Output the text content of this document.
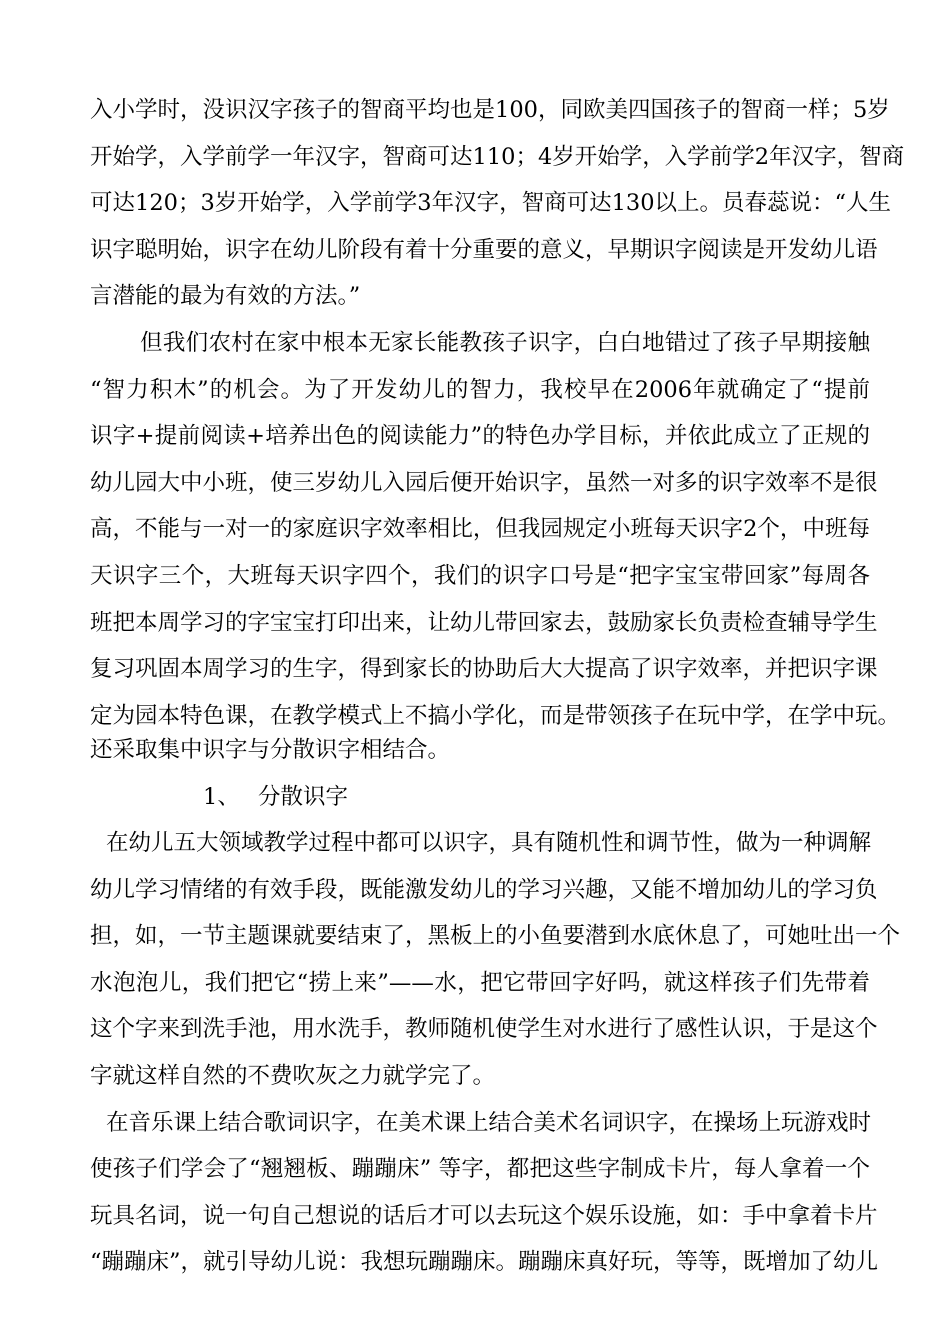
入小学时，没识汉字孩子的智商平均也是100，同欧美四国孩子的智商一样；5岁
开始学，入学前学一年汉字，智商可达110；4岁开始学，入学前学2年汉字，智商
可达120；3岁开始学，入学前学3年汉字，智商可达130以上。员春蕊说：“人生
识字聪明始，识字在幼儿阶段有着十分重要的意义，早期识字阅读是开发幼儿语
言潜能的最为有效的方法。”
但我们农村在家中根本无家长能教孩子识字，白白地错过了孩子早期接触
“智力积木”的机会。为了开发幼儿的智力，我校早在2006年就确定了“提前
识字+提前阅读+培养出色的阅读能力”的特色办学目标，并依此成立了正规的
幼儿园大中小班，使三岁幼儿入园后便开始识字，虽然一对多的识字效率不是很
高，不能与一对一的家庭识字效率相比，但我园规定小班每天识字2个，中班每
天识字三个，大班每天识字四个，我们的识字口号是“把字宝宝带回家”每周各
班把本周学习的字宝宝打印出来，让幼儿带回家去，鼓励家长负责检查辅导学生
复习巩固本周学习的生字，得到家长的协助后大大提高了识字效率，并把识字课
定为园本特色课，在教学模式上不搞小学化，而是带领孩子在玩中学，在学中玩。
还采取集中识字与分散识字相结合。
1、 分散识字
在幼儿五大领域教学过程中都可以识字，具有随机性和调节性，做为一种调解
幼儿学习情绪的有效手段，既能激发幼儿的学习兴趣，又能不增加幼儿的学习负
担，如，一节主题课就要结束了，黑板上的小鱼要潜到水底休息了，可她吐出一个
水泡泡儿，我们把它“捞上来”——水，把它带回字好吗，就这样孩子们先带着
这个字来到洗手池，用水洗手，教师随机使学生对水进行了感性认识，于是这个
字就这样自然的不费吹灰之力就学完了。
在音乐课上结合歌词识字，在美术课上结合美术名词识字，在操场上玩游戏时
使孩子们学会了“翘翘板、蹦蹦床” 等字，都把这些字制成卡片，每人拿着一个
玩具名词，说一句自己想说的话后才可以去玩这个娱乐设施，如：手中拿着卡片
“蹦蹦床”，就引导幼儿说：我想玩蹦蹦床。蹦蹦床真好玩，等等，既增加了幼儿
